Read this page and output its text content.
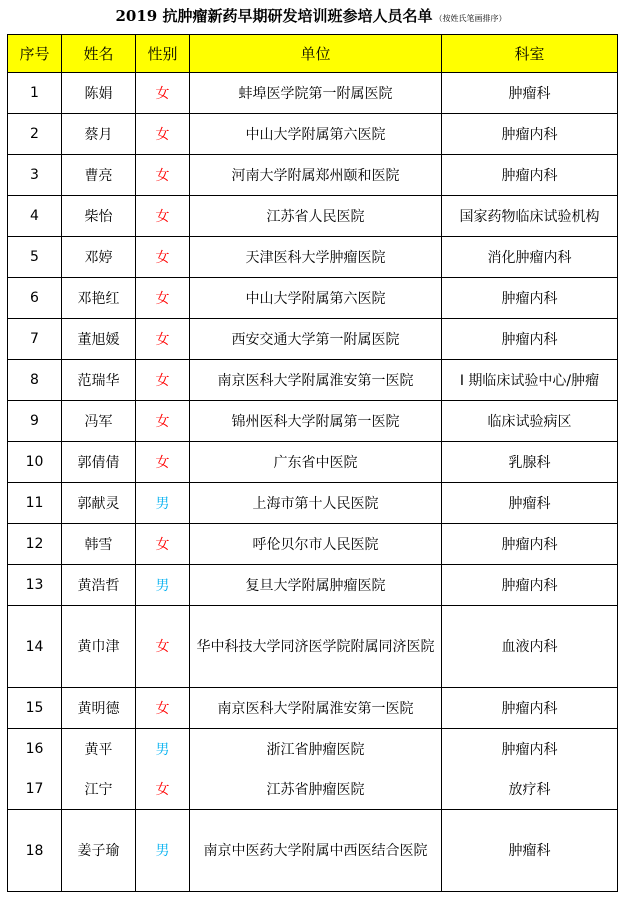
2019 抗肿瘤新药早期研发培训班参培人员名单 （按姓氏笔画排序）
序号	姓名	性别	单位	科室
1	陈娟	女	蚌埠医学院第一附属医院	肿瘤科
2	蔡月	女	中山大学附属第六医院	肿瘤内科
3	曹亮	女	河南大学附属郑州颐和医院	肿瘤内科
4	柴怡	女	江苏省人民医院	国家药物临床试验机构
5	邓婷	女	天津医科大学肿瘤医院	消化肿瘤内科
6	邓艳红	女	中山大学附属第六医院	肿瘤内科
7	董旭媛	女	西安交通大学第一附属医院	肿瘤内科
8	范瑞华	女	南京医科大学附属淮安第一医院	I 期临床试验中心/肿瘤
9	冯军	女	锦州医科大学附属第一医院	临床试验病区
10	郭倩倩	女	广东省中医院	乳腺科
11	郭献灵	男	上海市第十人民医院	肿瘤科
12	韩雪	女	呼伦贝尔市人民医院	肿瘤内科
13	黄浩哲	男	复旦大学附属肿瘤医院	肿瘤内科
14	黄巾津	女	华中科技大学同济医学院附属同济医院	血液内科
15	黄明德	女	南京医科大学附属淮安第一医院	肿瘤内科
16	黄平	男	浙江省肿瘤医院	肿瘤内科
17	江宁	女	江苏省肿瘤医院	放疗科
18	姜子瑜	男	南京中医药大学附属中西医结合医院	肿瘤科
